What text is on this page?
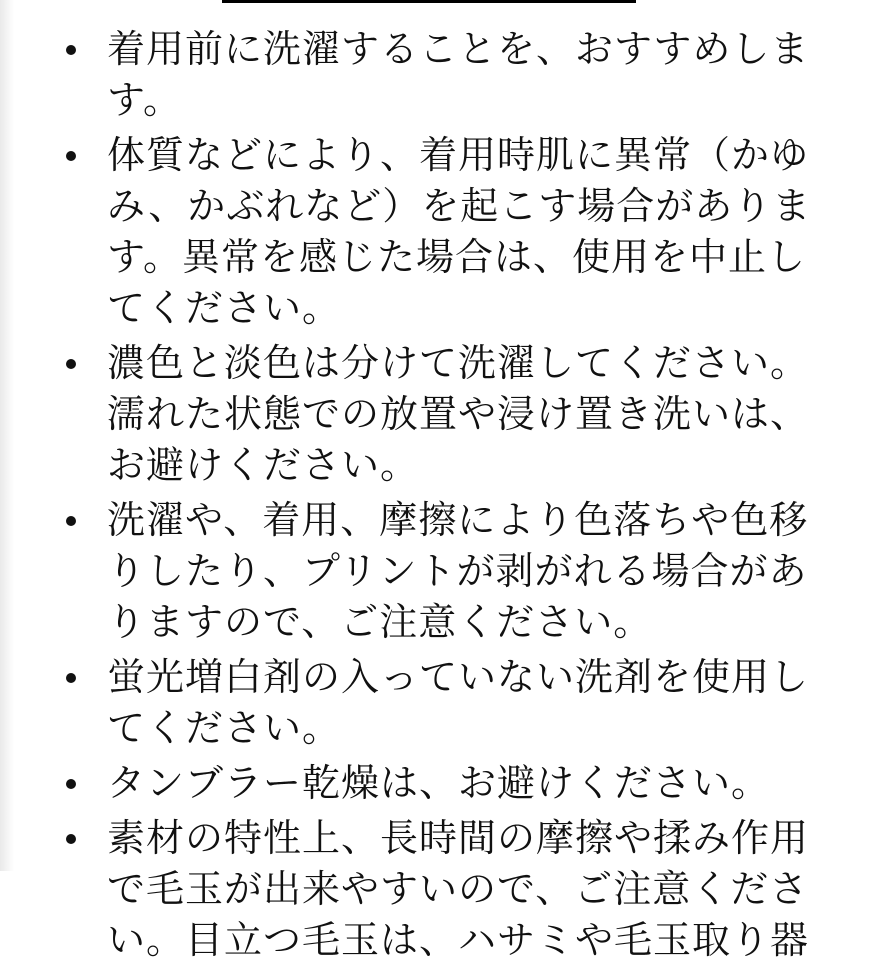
着用前に洗濯することを、おすすめしま
す。
体質などにより、着用時肌に異常（かゆ
み、かぶれなど）を起こす場合がありま
す。異常を感じた場合は、使用を中止し
てください。
濃色と淡色は分けて洗濯してください。
濡れた状態での放置や浸け置き洗いは、
お避けください。
洗濯や、着用、摩擦により色落ちや色移
りしたり、プリントが剥がれる場合があ
りますので、ご注意ください。
蛍光増白剤の入っていない洗剤を使用し
てください。
タンブラー乾燥は、お避けください。
素材の特性上、長時間の摩擦や揉み作用
で毛玉が出来やすいので、ご注意くださ
い。目立つ毛玉は、ハサミや毛玉取り器
